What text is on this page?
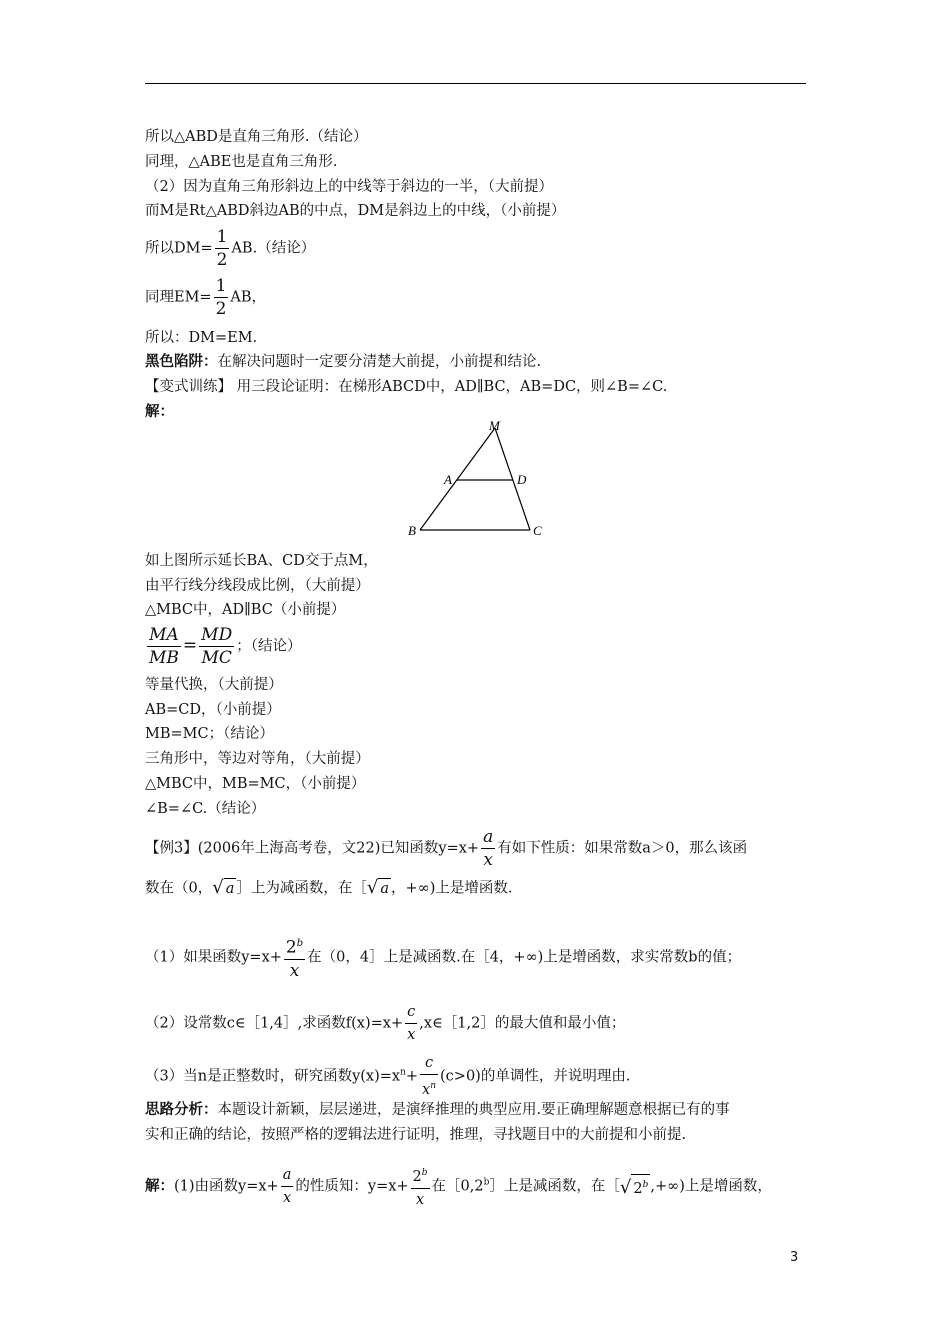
所以△ABD是直角三角形.（结论）
同理，△ABE也是直角三角形.
（2）因为直角三角形斜边上的中线等于斜边的一半，（大前提）
而M是Rt△ABD斜边AB的中点，DM是斜边上的中线，（小前提）
所以$DM= \frac{1}{2} AB$.（结论）
同理$EM= \frac{1}{2}$ AB，
所以：DM=EM.
黑色陷阱：在解决问题时一定要分清楚大前提，小前提和结论.
【变式训练】 用三段论证明：在梯形ABCD中，AD∥BC，AB=DC，则∠B=∠C.
解：
M
A	D
B	C
如上图所示延长BA、CD交于点M，
由平行线分线段成比例，（大前提）
△MBC中，AD∥BC（小前提）
$\frac{MA}{MB} = \frac{MD}{MC}$ ；（结论）
等量代换，（大前提）
AB=CD，（小前提）
MB=MC；（结论）
三角形中，等边对等角，（大前提）
△MBC中，MB=MC，（小前提）
∠B=∠C.（结论）
【例3】(2006年上海高考卷，文22)已知函数$y=x+ \frac{a}{x}$ 有如下性质：如果常数a＞0，那么该函
数在（0，√ a ］上为减函数，在［√ a ，+∞)上是增函数.
（1）如果函数$y=x+ \frac{2^b}{x}$ 在（0，4］上是减函数.在［4，+∞)上是增函数，求实常数b的值；
（2）设常数c∈［1,4］,求函数$f(x)=x+ \frac{c}{x}$ ,x∈［1,2］的最大值和最小值；
（3）当n是正整数时，研究函数$y(x)=x^n+ \frac{c}{x^n} (c>0)$的单调性，并说明理由.
思路分析：本题设计新颖，层层递进，是演绎推理的典型应用.要正确理解题意根据已有的事
实和正确的结论，按照严格的逻辑法进行证明，推理，寻找题目中的大前提和小前提.
解：(1)由函数$y=x+ \frac{a}{x}$ 的性质知：$y=x+ \frac{2^b}{x}$ 在［0,2$^b$］上是减函数，在［√ 2$^b$ ,+∞)上是增函数，
3
